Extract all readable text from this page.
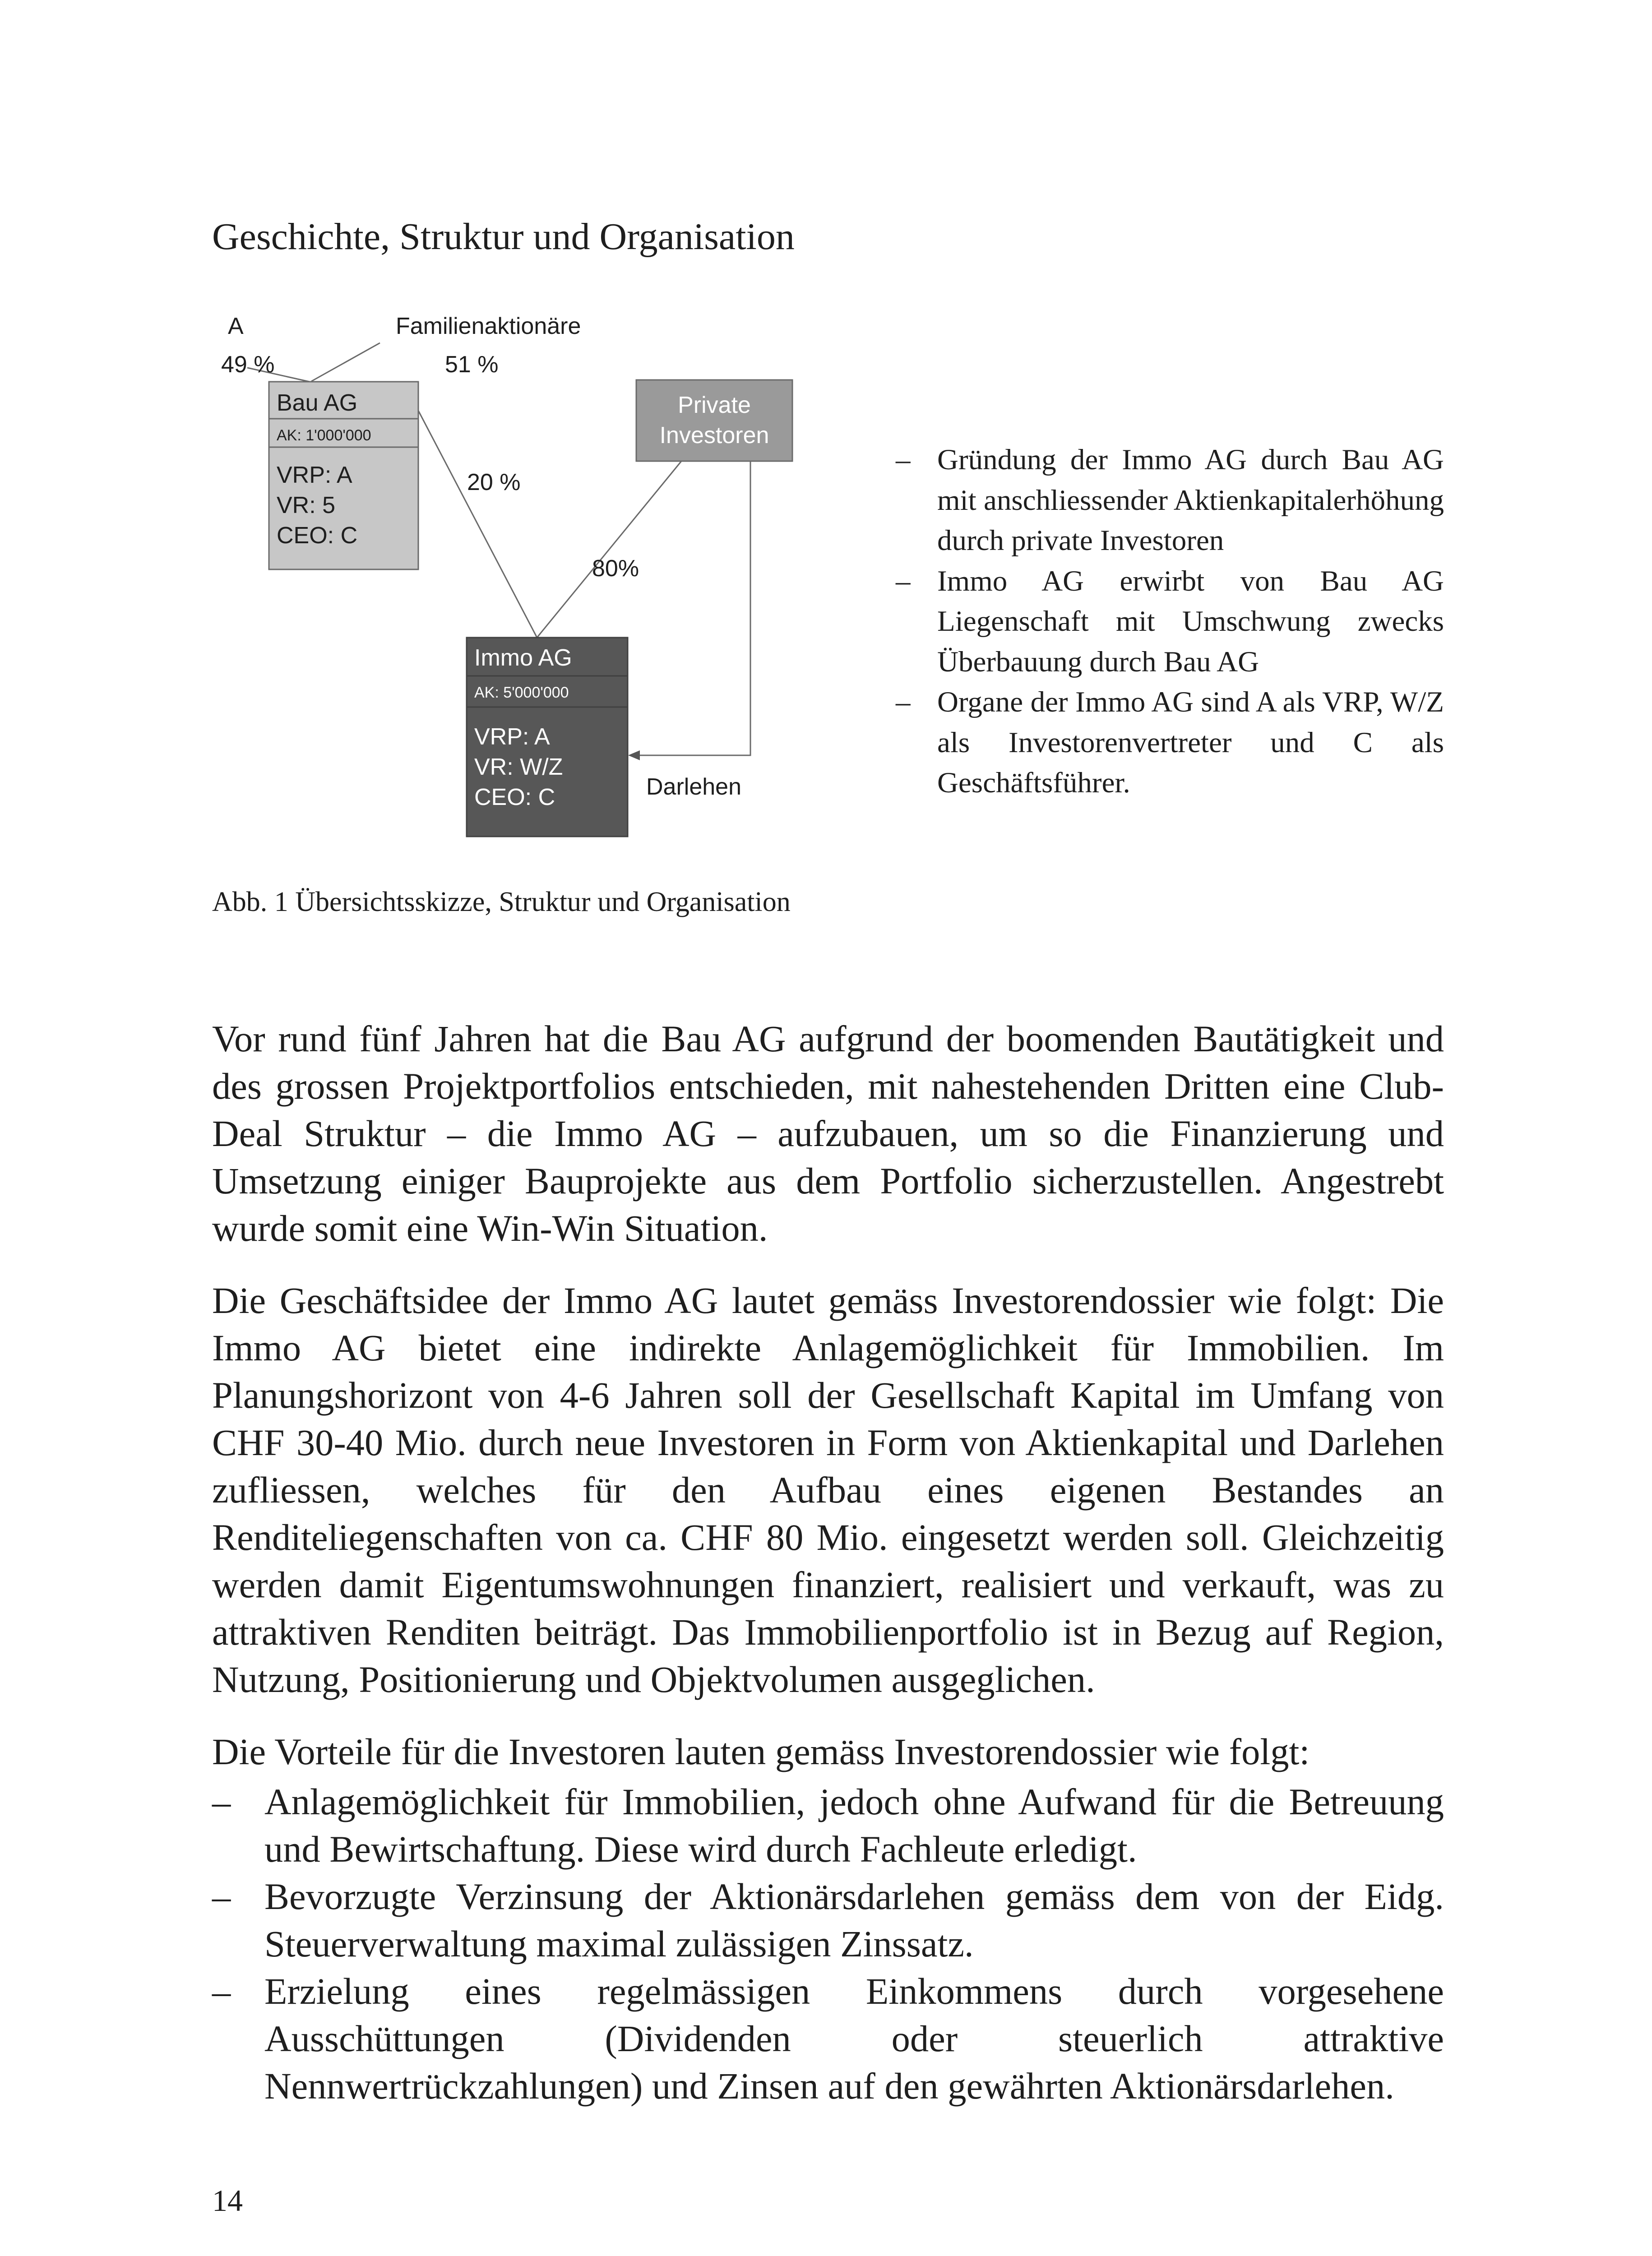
Geschichte, Struktur und Organisation
Bau AG
AK: 1'000'000
VRP: A
VR: 5
CEO: C
Private
Investoren
Immo AG
AK: 5'000'000
VRP: A
VR: W/Z
CEO: C
A	Familienaktionäre
49 %	51 %
20 %
80%
Darlehen
– Gründung der Immo AG durch Bau AG mit anschliessender Aktienkapitalerhöhung durch private Investoren
– Immo AG erwirbt von Bau AG Liegenschaft mit Umschwung zwecks Überbauung durch Bau AG
– Organe der Immo AG sind A als VRP, W/Z als Investorenvertreter und C als Geschäftsführer.
Abb. 1 Übersichtsskizze, Struktur und Organisation

Vor rund fünf Jahren hat die Bau AG aufgrund der boomenden Bautätigkeit und des grossen Projektportfolios entschieden, mit nahestehenden Dritten eine Club-Deal Struktur – die Immo AG – aufzubauen, um so die Finanzierung und Umsetzung einiger Bauprojekte aus dem Portfolio sicherzustellen. Angestrebt wurde somit eine Win-Win Situation.

Die Geschäftsidee der Immo AG lautet gemäss Investorendossier wie folgt: Die Immo AG bietet eine indirekte Anlagemöglichkeit für Immobilien. Im Planungshorizont von 4-6 Jahren soll der Gesellschaft Kapital im Umfang von CHF 30-40 Mio. durch neue Investoren in Form von Aktienkapital und Darlehen zufliessen, welches für den Aufbau eines eigenen Bestandes an Renditeliegenschaften von ca. CHF 80 Mio. eingesetzt werden soll. Gleichzeitig werden damit Eigentumswohnungen finanziert, realisiert und verkauft, was zu attraktiven Renditen beiträgt. Das Immobilienportfolio ist in Bezug auf Region, Nutzung, Positionierung und Objektvolumen ausgeglichen.

Die Vorteile für die Investoren lauten gemäss Investorendossier wie folgt:

– Anlagemöglichkeit für Immobilien, jedoch ohne Aufwand für die Betreuung und Bewirtschaftung. Diese wird durch Fachleute erledigt.
– Bevorzugte Verzinsung der Aktionärsdarlehen gemäss dem von der Eidg. Steuerverwaltung maximal zulässigen Zinssatz.
– Erzielung eines regelmässigen Einkommens durch vorgesehene Ausschüttungen (Dividenden oder steuerlich attraktive Nennwertrückzahlungen) und Zinsen auf den gewährten Aktionärsdarlehen.
14
